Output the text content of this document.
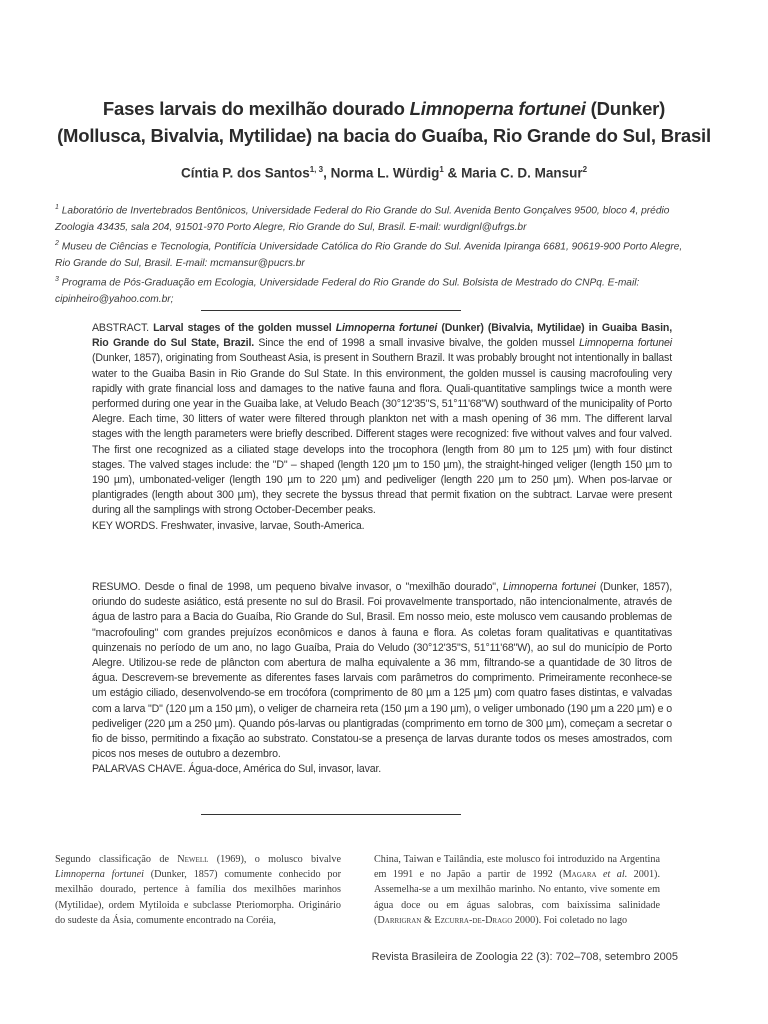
Fases larvais do mexilhão dourado Limnoperna fortunei (Dunker)
(Mollusca, Bivalvia, Mytilidae) na bacia do Guaíba, Rio Grande do Sul, Brasil
Cíntia P. dos Santos$^{1, 3}$, Norma L. Würdig$^1$ & Maria C. D. Mansur$^2$

$^1$ Laboratório de Invertebrados Bentônicos, Universidade Federal do Rio Grande do Sul. Avenida Bento Gonçalves 9500, bloco 4, prédio Zoologia 43435, sala 204, 91501-970 Porto Alegre, Rio Grande do Sul, Brasil. E-mail: wurdignl@ufrgs.br

$^2$ Museu de Ciências e Tecnologia, Pontifícia Universidade Católica do Rio Grande do Sul. Avenida Ipiranga 6681, 90619-900 Porto Alegre, Rio Grande do Sul, Brasil. E-mail: mcmansur@pucrs.br

$^3$ Programa de Pós-Graduação em Ecologia, Universidade Federal do Rio Grande do Sul. Bolsista de Mestrado do CNPq. E-mail: cipinheiro@yahoo.com.br;

ABSTRACT. Larval stages of the golden mussel Limnoperna fortunei (Dunker) (Bivalvia, Mytilidae) in Guaiba Basin, Rio Grande do Sul State, Brazil. Since the end of 1998 a small invasive bivalve, the golden mussel Limnoperna fortunei (Dunker, 1857), originating from Southeast Asia, is present in Southern Brazil. It was probably brought not intentionally in ballast water to the Guaiba Basin in Rio Grande do Sul State. In this environment, the golden mussel is causing macrofouling very rapidly with grate financial loss and damages to the native fauna and flora. Quali-quantitative samplings twice a month were performed during one year in the Guaiba lake, at Veludo Beach (30°12'35"S, 51°11'68"W) southward of the municipality of Porto Alegre. Each time, 30 litters of water were filtered through plankton net with a mash opening of 36 mm. The different larval stages with the length parameters were briefly described. Different stages were recognized: five without valves and four valved. The first one recognized as a ciliated stage develops into the trocophora (length from 80 µm to 125 µm) with four distinct stages. The valved stages include: the "D" – shaped (length 120 µm to 150 µm), the straight-hinged veliger (length 150 µm to 190 µm), umbonated-veliger (length 190 µm to 220 µm) and pediveliger (length 220 µm to 250 µm). When pos-larvae or plantigrades (length about 300 µm), they secrete the byssus thread that permit fixation on the subtract. Larvae were present during all the samplings with strong October-December peaks.

KEY WORDS. Freshwater, invasive, larvae, South-America.

RESUMO. Desde o final de 1998, um pequeno bivalve invasor, o "mexilhão dourado", Limnoperna fortunei (Dunker, 1857), oriundo do sudeste asiático, está presente no sul do Brasil. Foi provavelmente transportado, não intencionalmente, através de água de lastro para a Bacia do Guaíba, Rio Grande do Sul, Brasil. Em nosso meio, este molusco vem causando problemas de "macrofouling" com grandes prejuízos econômicos e danos à fauna e flora. As coletas foram qualitativas e quantitativas quinzenais no período de um ano, no lago Guaíba, Praia do Veludo (30°12'35"S, 51°11'68"W), ao sul do município de Porto Alegre. Utilizou-se rede de plâncton com abertura de malha equivalente a 36 mm, filtrando-se a quantidade de 30 litros de água. Descrevem-se brevemente as diferentes fases larvais com parâmetros do comprimento. Primeiramente reconhece-se um estágio ciliado, desenvolvendo-se em trocófora (comprimento de 80 µm a 125 µm) com quatro fases distintas, e valvadas com a larva "D" (120 µm a 150 µm), o veliger de charneira reta (150 µm a 190 µm), o veliger umbonado (190 µm a 220 µm) e o pediveliger (220 µm a 250 µm). Quando pós-larvas ou plantigradas (comprimento em torno de 300 µm), começam a secretar o fio de bisso, permitindo a fixação ao substrato. Constatou-se a presença de larvas durante todos os meses amostrados, com picos nos meses de outubro a dezembro.

PALARVAS CHAVE. Água-doce, América do Sul, invasor, lavar.

Segundo classificação de Newell (1969), o molusco bivalve Limnoperna fortunei (Dunker, 1857) comumente conhecido por mexilhão dourado, pertence à família dos mexilhões marinhos (Mytilidae), ordem Mytiloida e subclasse Pteriomorpha. Originário do sudeste da Ásia, comumente encontrado na Coréia,

China, Taiwan e Tailândia, este molusco foi introduzido na Argentina em 1991 e no Japão a partir de 1992 (Magara et al. 2001). Assemelha-se a um mexilhão marinho. No entanto, vive somente em água doce ou em águas salobras, com baixíssima salinidade (Darrigran & Ezcurra-de-Drago 2000). Foi coletado no lago

Revista Brasileira de Zoologia 22 (3): 702–708, setembro 2005
